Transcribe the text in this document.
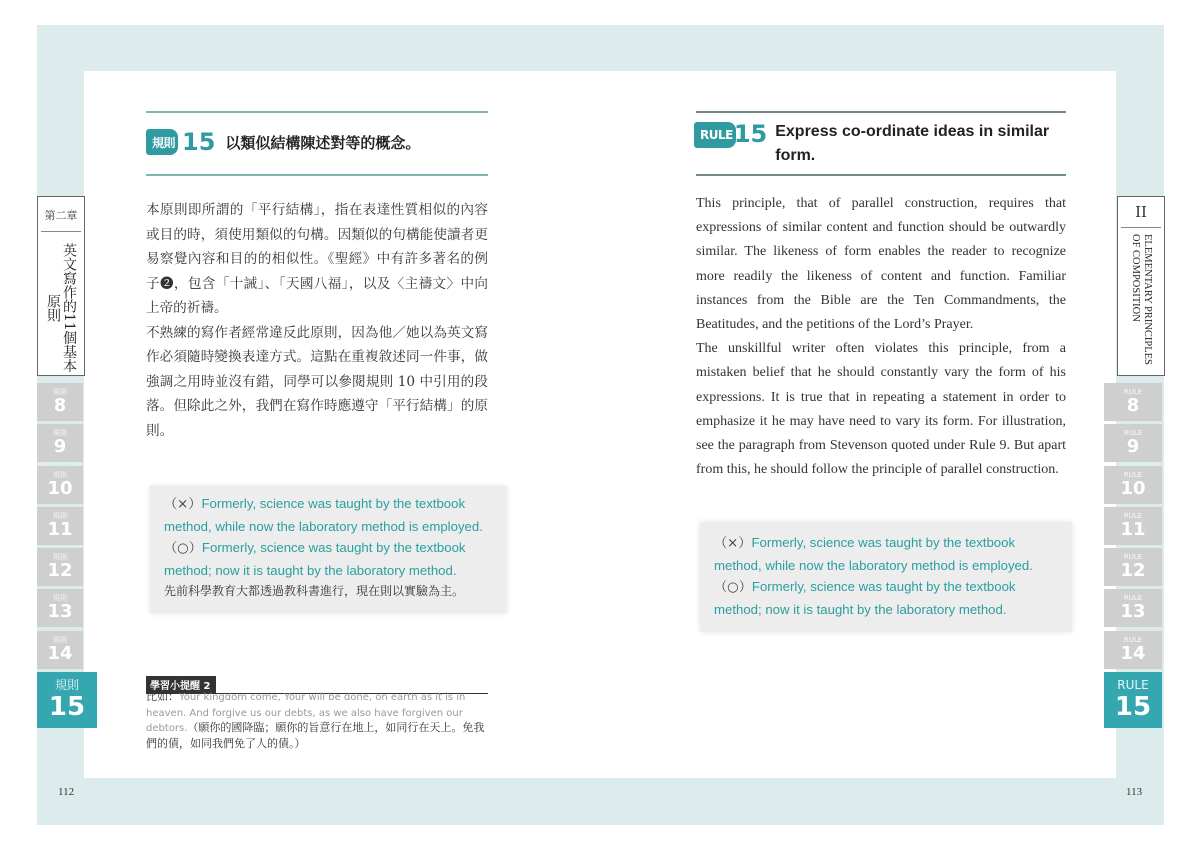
規則 15 以類似結構陳述對等的概念。

本原則即所謂的「平行結構」，指在表達性質相似的內容或目的時，須使用類似的句構。因類似的句構能使讀者更易察覺內容和目的的相似性。《聖經》中有許多著名的例子❷，包含「十誡」、「天國八福」，以及〈主禱文〉中向上帝的祈禱。

不熟練的寫作者經常違反此原則，因為他／她以為英文寫作必須隨時變換表達方式。這點在重複敘述同一件事，做強調之用時並沒有錯，同學可以參閱規則 10 中引用的段落。但除此之外，我們在寫作時應遵守「平行結構」的原則。

（×）Formerly, science was taught by the textbook method, while now the laboratory method is employed.
（○）Formerly, science was taught by the textbook method; now it is taught by the laboratory method.
先前科學教育大都透過教科書進行，現在則以實驗為主。
學習小提醒 2
比如：Your kingdom come, Your will be done, on earth as it is in heaven. And forgive us our debts, as we also have forgiven our debtors.（願你的國降臨；願你的旨意行在地上，如同行在天上。免我們的債，如同我們免了人的債。）
第二章
英文寫作的11個基本原則
規則
8
規則
9
規則
10
規則
11
規則
12
規則
13
規則
14
規則
15
112
RULE 15 Express co-ordinate ideas in similar form.

This principle, that of parallel construction, requires that expressions of similar content and function should be outwardly similar. The likeness of form enables the reader to recognize more readily the likeness of content and function. Familiar instances from the Bible are the Ten Commandments, the Beatitudes, and the petitions of the Lord’s Prayer.

The unskillful writer often violates this principle, from a mistaken belief that he should constantly vary the form of his expressions. It is true that in repeating a statement in order to emphasize it he may have need to vary its form. For illustration, see the paragraph from Stevenson quoted under Rule 9. But apart from this, he should follow the principle of parallel construction.

（×）Formerly, science was taught by the textbook method, while now the laboratory method is employed.
（○）Formerly, science was taught by the textbook method; now it is taught by the laboratory method.
II
ELEMENTARY PRINCIPLES
OF COMPOSITION
RULE
8
RULE
9
RULE
10
RULE
11
RULE
12
RULE
13
RULE
14
RULE
15
113
